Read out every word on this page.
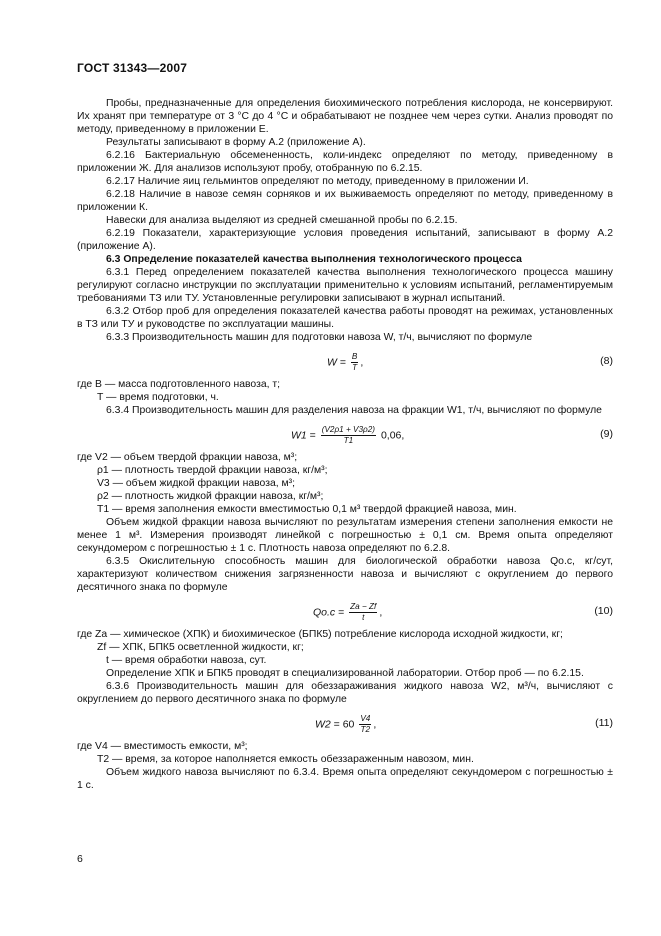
ГОСТ 31343—2007

Пробы, предназначенные для определения биохимического потребления кислорода, не консервируют. Их хранят при температуре от 3 °С до 4 °С и обрабатывают не позднее чем через сутки. Анализ проводят по методу, приведенному в приложении Е.

Результаты записывают в форму А.2 (приложение А).

6.2.16 Бактериальную обсемененность, коли-индекс определяют по методу, приведенному в приложении Ж. Для анализов используют пробу, отобранную по 6.2.15.

6.2.17 Наличие яиц гельминтов определяют по методу, приведенному в приложении И.

6.2.18 Наличие в навозе семян сорняков и их выживаемость определяют по методу, приведенному в приложении К.

Навески для анализа выделяют из средней смешанной пробы по 6.2.15.

6.2.19 Показатели, характеризующие условия проведения испытаний, записывают в форму А.2 (приложение А).

6.3 Определение показателей качества выполнения технологического процесса

6.3.1 Перед определением показателей качества выполнения технологического процесса машину регулируют согласно инструкции по эксплуатации применительно к условиям испытаний, регламентируемым требованиями ТЗ или ТУ. Установленные регулировки записывают в журнал испытаний.

6.3.2 Отбор проб для определения показателей качества работы проводят на режимах, установленных в ТЗ или ТУ и руководстве по эксплуатации машины.

6.3.3 Производительность машин для подготовки навоза W, т/ч, вычисляют по формуле

$W = \frac{B}{T}$ ,	(8)

где B — масса подготовленного навоза, т;

T — время подготовки, ч.

6.3.4 Производительность машин для разделения навоза на фракции W1, т/ч, вычисляют по формуле

$W1 = \frac{(V2\rho 1 + V3\rho 2)}{T1} 0,06$,	(9)

где V2 — объем твердой фракции навоза, м³;

ρ1 — плотность твердой фракции навоза, кг/м³;

V3 — объем жидкой фракции навоза, м³;

ρ2 — плотность жидкой фракции навоза, кг/м³;

T1 — время заполнения емкости вместимостью 0,1 м³ твердой фракцией навоза, мин.

Объем жидкой фракции навоза вычисляют по результатам измерения степени заполнения емкости не менее 1 м³. Измерения производят линейкой с погрешностью ± 0,1 см. Время опыта определяют секундомером с погрешностью ± 1 с. Плотность навоза определяют по 6.2.8.

6.3.5 Окислительную способность машин для биологической обработки навоза Qо.с, кг/сут, характеризуют количеством снижения загрязненности навоза и вычисляют с округлением до первого десятичного знака по формуле

$Qо.с = \frac{Za - Zf}{t}$ ,	(10)

где Za — химическое (ХПК) и биохимическое (БПК5) потребление кислорода исходной жидкости, кг;

Zf — ХПК, БПК5 осветленной жидкости, кг;

t — время обработки навоза, сут.

Определение ХПК и БПК5 проводят в специализированной лаборатории. Отбор проб — по 6.2.15.

6.3.6 Производительность машин для обеззараживания жидкого навоза W2, м³/ч, вычисляют с округлением до первого десятичного знака по формуле

$W2 = 60 \frac{V4}{T2}$ ,	(11)

где V4 — вместимость емкости, м³;

T2 — время, за которое наполняется емкость обеззараженным навозом, мин.

Объем жидкого навоза вычисляют по 6.3.4. Время опыта определяют секундомером с погрешностью ± 1 с.

6
